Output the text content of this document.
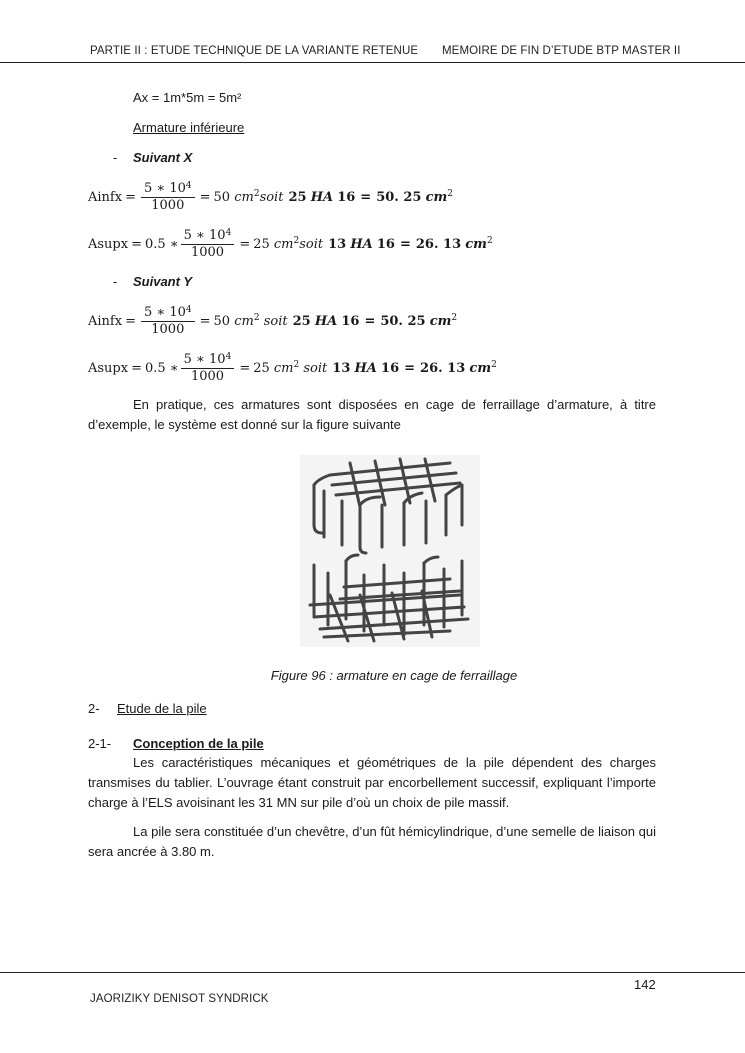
PARTIE II : ETUDE TECHNIQUE DE LA VARIANTE RETENUE MEMOIRE DE FIN D’ETUDE BTP MASTER II
Ax = 1m*5m = 5m²
Armature inférieure
- Suivant X
Ainfx = $\frac{5 ∗ 10^4}{1000} = 50$
$cm^2$ soit 25
HA
16 = 50. 25
$cm^2$
Asupx = 0.5 ∗ $\frac{5 ∗ 10^4}{1000} = 25$
$cm^2$ soit 13
HA
16 = 26. 13
$cm^2$
- Suivant Y
Ainfx = $\frac{5 ∗ 10^4}{1000} = 50$
$cm^2$
soit 25
HA
16 = 50. 25
$cm^2$
Asupx = 0.5 ∗ $\frac{5 ∗ 10^4}{1000} = 25$
$cm^2$
soit 13
HA
16 = 26. 13
$cm^2$
En pratique, ces armatures sont disposées en cage de ferraillage d’armature, à titre d’exemple, le système est donné sur la figure suivante
Figure 96 : armature en cage de ferraillage
2- Etude de la pile
2-1- Conception de la pile
Les caractéristiques mécaniques et géométriques de la pile dépendent des charges transmises du tablier. L’ouvrage étant construit par encorbellement successif, expliquant l’importe charge à l’ELS avoisinant les 31 MN sur pile d’où un choix de pile massif.
La pile sera constituée d’un chevêtre, d’un fût hémicylindrique, d’une semelle de liaison qui sera ancrée à 3.80 m.
142
JAORIZIKY DENISOT SYNDRICK
